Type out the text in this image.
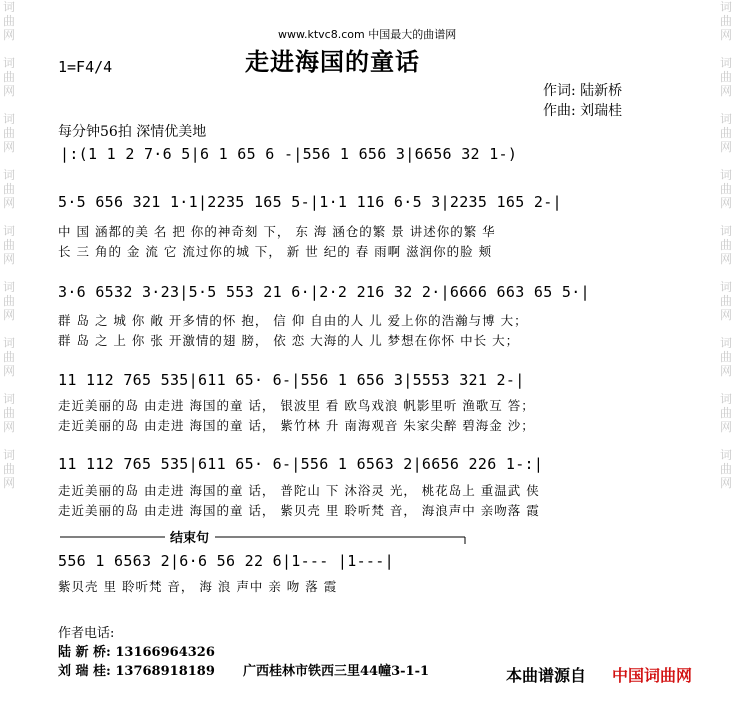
词曲网

词曲网

词曲网

词曲网

词曲网

词曲网

词曲网

词曲网

词曲网
词曲网

词曲网

词曲网

词曲网

词曲网

词曲网

词曲网

词曲网

词曲网
www.ktvc8.com 中国最大的曲谱网
1=F4/4	走进海国的童话
作词: 陆新桥
作曲: 刘瑞桂
每分钟56拍 深情优美地
|:(1 1 2 7·6 5|6 1 65 6 -|556 1 656 3|6656 32 1-)
5·5 656 321 1·1|2235 165 5-|1·1 116 6·5 3|2235 165 2-|
中 国 涵都的美 名 把 你的神奇刻 下， 东 海 涵仓的繁 景 讲述你的繁 华
长 三 角的 金 流 它 流过你的城 下， 新 世 纪的 春 雨啊 滋润你的脸 颊
3·6 6532 3·23|5·5 553 21 6·|2·2 216 32 2·|6666 663 65 5·|
群 岛 之 城 你 敞 开多情的怀 抱， 信 仰 自由的人 儿 爱上你的浩瀚与博 大；
群 岛 之 上 你 张 开激情的翅 膀， 依 恋 大海的人 儿 梦想在你怀 中长 大；
11 112 765 535|611 65· 6-|556 1 656 3|5553 321 2-|
走近美丽的岛 由走进 海国的童 话， 银波里 看 欧鸟戏浪 帆影里听 渔歌互 答；
走近美丽的岛 由走进 海国的童 话， 紫竹林 升 南海观音 朱家尖醉 碧海金 沙；
11 112 765 535|611 65· 6-|556 1 6563 2|6656 226 1-:|
走近美丽的岛 由走进 海国的童 话， 普陀山 下 沐浴灵 光， 桃花岛上 重温武 侠
走近美丽的岛 由走进 海国的童 话， 紫贝壳 里 聆听梵 音， 海浪声中 亲吻落 霞
结束句
556 1 6563 2|6·6 56 22 6|1--- |1---|
紫贝壳 里 聆听梵 音， 海 浪 声中 亲 吻 落 霞
作者电话:
陆 新 桥: 13166964326
刘 瑞 桂: 13768918189 广西桂林市铁西三里44幢3-1-1	本曲谱源自 中国词曲网
